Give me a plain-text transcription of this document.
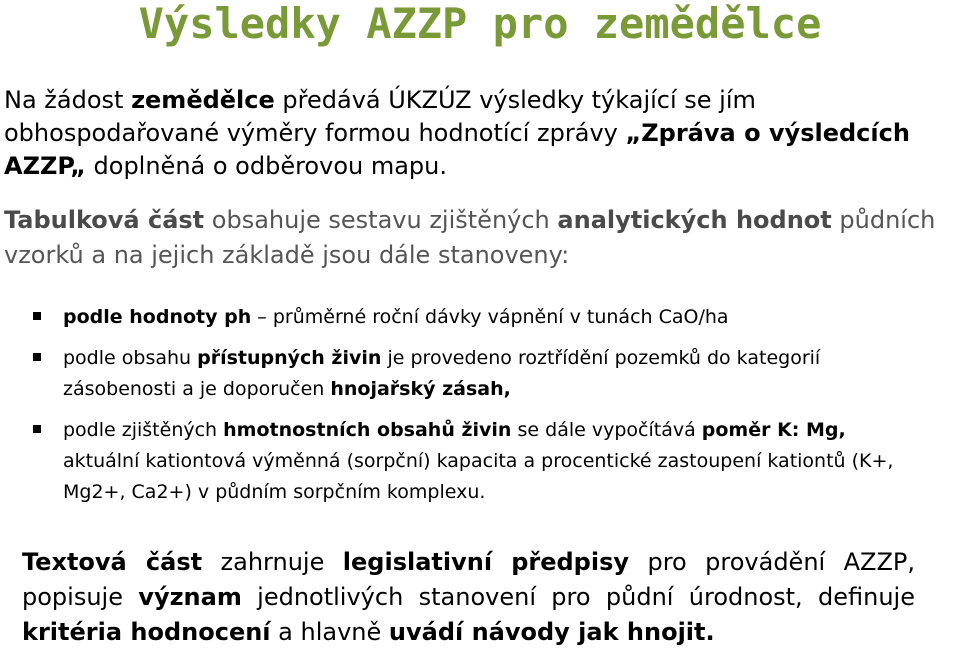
Výsledky AZZP pro zemědělce

Na žádost zemědělce předává ÚKZÚZ výsledky týkající se jím obhospodařované výměry formou hodnotící zprávy „Zpráva o výsledcích AZZP„ doplněná o odběrovou mapu.

Tabulková část obsahuje sestavu zjištěných analytických hodnot půdních vzorků a na jejich základě jsou dále stanoveny:

podle hodnoty ph – průměrné roční dávky vápnění v tunách CaO/ha
podle obsahu přístupných živin je provedeno roztřídění pozemků do kategorií zásobenosti a je doporučen hnojařský zásah,
podle zjištěných hmotnostních obsahů živin se dále vypočítává poměr K: Mg, aktuální kationtová výměnná (sorpční) kapacita a procentické zastoupení kationtů (K+, Mg2+, Ca2+) v půdním sorpčním komplexu.

Textová část zahrnuje legislativní předpisy pro provádění AZZP, popisuje význam jednotlivých stanovení pro půdní úrodnost, definuje kritéria hodnocení a hlavně uvádí návody jak hnojit.
